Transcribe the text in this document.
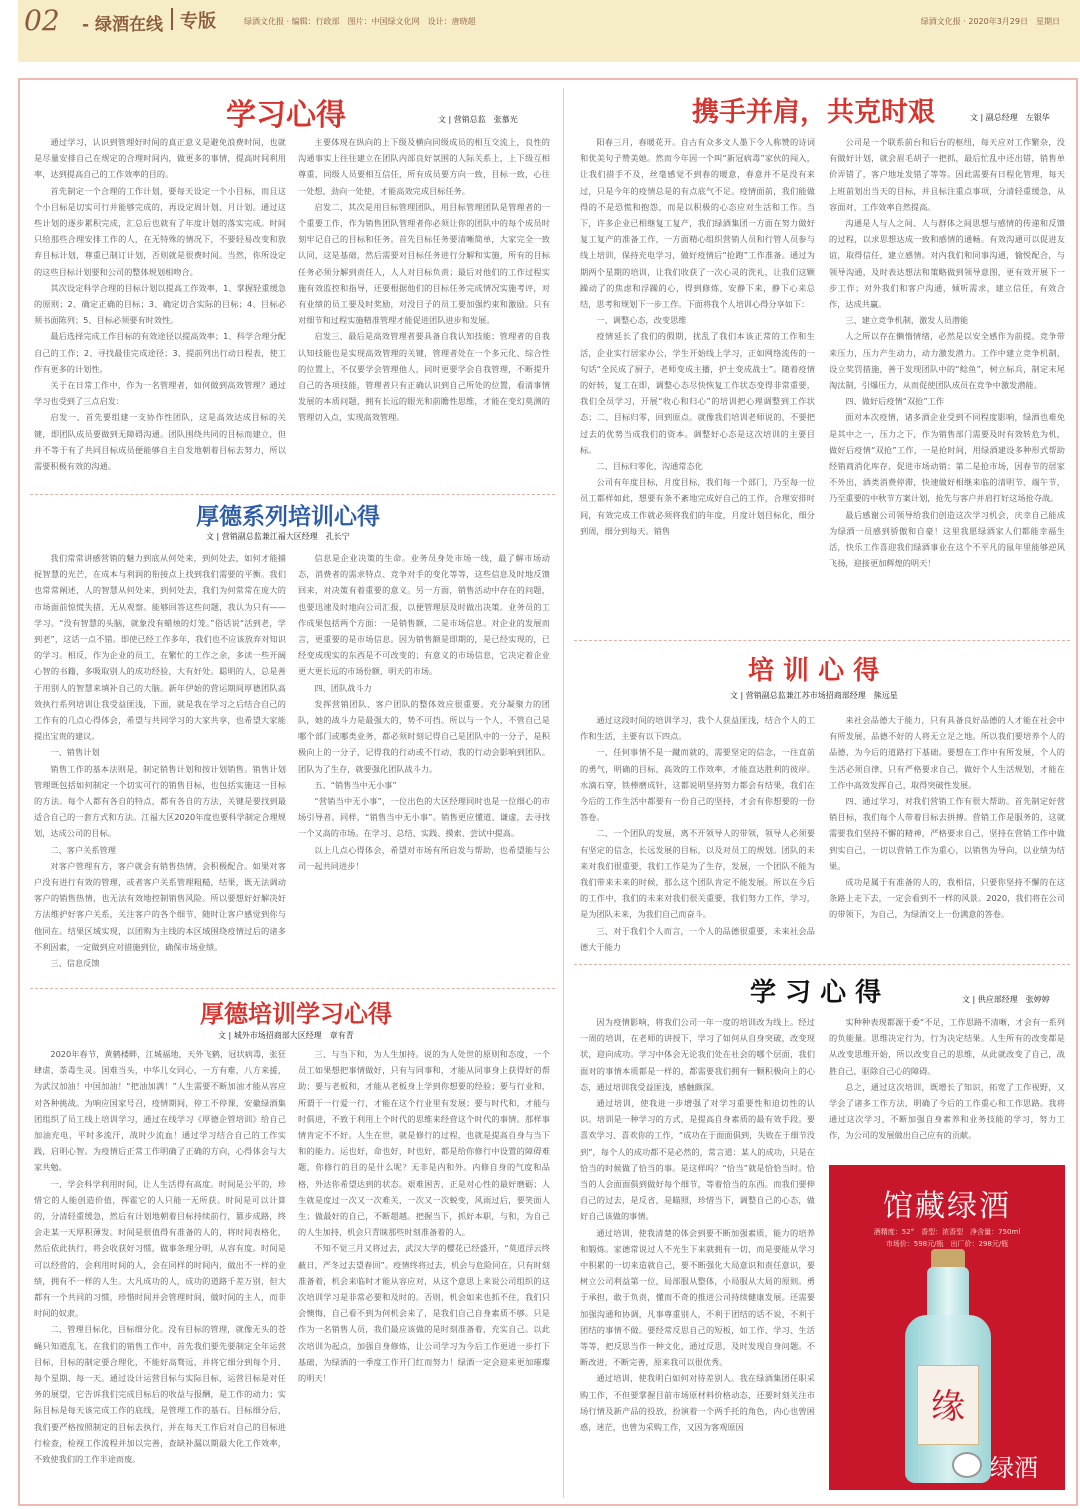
02 - 绿酒在线 专版	绿酒文化报 · 编辑：行政部　图片：中国绿文化网　设计：唐晓超	绿酒文化报 · 2020年3月29日　星期日
学习心得	文 | 营销总监　张慕光

通过学习，认识到管理好时间的真正意义是避免浪费时间，也就是尽量安排自己在规定的合理时间内，做更多的事情，提高时间利用率，达到提高自己的工作效率的目的。

首先制定一个合理的工作计划，要每天设定一个小目标，而且这个小目标是切实可行并能够完成的，再设定周计划、月计划。通过这些计划的逐步累积完成，汇总后也就有了年度计划的落实完成。时间只给那些合理安排工作的人，在无特殊的情况下，不要轻易改变和放弃目标计划，尊重已制订计划，否则就是很费时间。当然，你所设定的这些目标计划要和公司的整体规划相吻合。

其次设定科学合理的目标计划以提高工作效率，1、掌握轻重缓急的原则；2、确定正确的目标；3、确定切合实际的目标；4、目标必须书面陈列；5、目标必须要有时效性。

最后选择完成工作目标的有效途径以提高效率；1、科学合理分配自己的工作；2、寻找最佳完成途径；3、提前列出行动日程表，使工作有更多的计划性。

关于在日常工作中，作为一名管理者，如何做到高效管理？通过学习也受到了三点启发：

启发一、首先要组建一支协作性团队，这是高效达成目标的关键，即团队成员要做到无障碍沟通。团队围绕共同的目标而建立，但并不等于有了共同目标成员便能够自主自发地朝着目标去努力，所以需要积极有效的沟通。

主要体现在纵向的上下级及横向同级成员的相互交流上，良性的沟通事实上往往建立在团队内部良好氛围的人际关系上，上下级互相尊重，同级人员要相互信任，所有成员要方向一致，目标一致，心往一处想，劲向一处使，才能高效完成目标任务。

启发二、其次是用目标管理团队，用目标管理团队是管理者的一个重要工作，作为销售团队管理者你必须让你的团队中的每个成员时刻牢记自己的目标和任务。首先目标任务要清晰简单，大家完全一致认同，这是基础，然后需要对目标任务进行分解和实施，所有的目标任务必须分解到责任人，人人对目标负责；最后对他们的工作过程实施有效监控和指导，还要根据他们的目标任务完成情况实施考评，对有业绩的员工要及时奖励，对没目子的员工要加强约束和激励。只有对细节和过程实施精准管理才能促进团队进步和发展。

启发三、最后是高效管理者要具备自我认知技能；管理者的自我认知技能也是实现高效管理的关键，管理者处在一个多元化、综合性的位置上，不仅要学会管理他人，同时更要学会自我管理，不断提升自己的各项技能，管理者只有正确认识到自己所处的位置，看清事情发展的本质问题，拥有长远的眼光和前瞻性思维，才能在变幻莫测的管理切入点，实现高效管理。

厚德系列培训心得
文 | 营销副总监兼江福大区经理　孔长宁

我们常常讲感营销的魅力到底从何处来，到何处去，如何才能捕捉智慧的光芒，在成本与利润的衔接点上找到我们需要的平衡。我们也常常阐述，人的智慧从何处来，到何处去，我们为何常常在庞大的市场面前惊慌失措，无从观察。能够回答这些问题，我认为只有——学习。“没有智慧的头脑，就象没有蜡烛的灯笼。”俗话说“活到老，学到老”，这话一点不错。即使已经工作多年，我们也不应该放弃对知识的学习。相反，作为企业的员工，在繁忙的工作之余，多读一些开阔心智的书籍，多吸取别人的成功经验，大有好处。聪明的人，总是善于用别人的智慧来填补自己的大脑。新年伊始的营运期间厚德团队高效执行系列培训让我受益匪浅，下面，就是我在学习之后结合自己的工作有的几点心得体会，希望与共同学习的大家共享，也希望大家能提出宝贵的建议。

一、销售计划

销售工作的基本法则是，制定销售计划和按计划销售。销售计划管理既包括如何制定一个切实可行的销售目标，也包括实施这一目标的方法。每个人都有各自的特点，都有各自的方法，关键是要找到最适合自己的一套方式和方法。江福大区2020年度也要科学制定合理规划，达成公司的目标。

二、客户关系管理

对客户管理有方，客户就会有销售热情，会积极配合。如果对客户没有进行有效的管理，或者客户关系管理粗糙，结果，既无法调动客户的销售热情，也无法有效地控制销售风险。所以要想好好解决好方法维护好客户关系，关注客户的各个细节，随时让客户感觉到你与他同在。结果区域实现，以团购为主线的本区域围绕疫情过后的诸多不利因素，一定做到应对措施到位，确保市场业绩。

三、信息反馈

信息是企业决策的生命。业务员身处市场一线，最了解市场动态，消费者的需求特点、竞争对手的变化等等，这些信息及时地反馈回来，对决策有着重要的意义。另一方面，销售活动中存在的问题，也要迅速及时地向公司汇报，以便管理层及时做出决策。业务员的工作成果包括两个方面：一是销售额，二是市场信息。对企业的发展而言，更重要的是市场信息。因为销售额是即期的，是已经实现的，已经变成现实的东西是不可改变的；有意义的市场信息，它决定着企业更大更长远的市场份额、明天的市场。

四、团队战斗力

发挥营销团队、客户团队的整体效应很重要。充分凝聚力的团队，她的战斗力是最强大的，势不可挡。所以与一个人，不管自己是哪个部门或哪类业务，都必须时刻记得自己是团队中的一分子，是积极向上的一分子，记得我的行动或不行动，我的行动会影响到团队。团队为了生存，就要强化团队战斗力。

五、“销售当中无小事”

“营销当中无小事”，一位出色的大区经理同时也是一位细心的市场引导者。同样，“销售当中无小事”。销售更应懂道、谦虚，去寻找一个又高的市场。在学习、总结、实践、摸索、尝试中提高。

以上几点心得体会，希望对市场有所启发与帮助，也希望能与公司一起共同进步！

厚德培训学习心得
文 | 城外市场招商部大区经理　章有青

2020年春节，黄鹤楼畔，江城福地，天外飞鹤，冠状病毒，张狂肆虐，荼毒生灵。国难当头，中华儿女同心，一方有难，八方来援，为武汉加油！中国加油！“把油加满！”人生需要不断加油才能从容应对各种挑战。为响应国家号召，疫情期间，停工不停课，安徽绿酒集团组织了员工线上培训学习，通过在线学习《厚德企管培训》给自己加油充电，平时多流汗，战时少流血！通过学习结合自己的工作实践，启明心智。为疫情后正常工作明确了正确的方向，心得体会与大家共勉。

一、学会科学利用时间，让人生活得有高度。时间是公平的，珍惜它的人能创造价值，挥霍它的人只能一无所获。时间是可以计算的，分清轻重缓急，然后有计划地朝着目标持续前行，篡步成路，终会走某一天厚积薄发。时间是很值得有准备的人的，将时间表格化，然后依此执行，将会收获好习惯，做事条理分明，从容有度。时间是可以经营的，会利用时间的人，会在同样的时间内，做出不一样的业绩，拥有不一样的人生。大凡成功的人，成功的道路千差万别，但大都有一个共同的习惯，珍惜时间并会管理时间，做时间的主人，而非时间的奴隶。

二、管理目标化，目标细分化。没有目标的管理，就像无头的苍蝇只知道乱飞。在我们的销售工作中，首先我们要先要制定全年运营目标，目标的制定要合理化，不能好高骛远，并将它细分到每个月、每个星期、每一天。通过设计运营目标与实际目标，运营目标是对任务的展望，它告诉我们完成目标后的收益与报酬，是工作的动力；实际目标是每天该完成工作的底线，是管理工作的基石。目标细分后，我们要严格按照制定的目标去执行，并在每天工作后对自己的目标进行检查，检视工作流程并加以完善，查缺补漏以期最大化工作效率，不致使我们的工作半途而废。

三、与当下和，为人生加持。说的为人处世的原则和态度，一个员工如果想把事情做好，只有与同事和，才能从同事身上获得好的帮助；要与老板和，才能从老板身上学到你想要的经验；要与行业和，所谓干一行爱一行，才能在这个行业里有发展；要与时代和，才能与时俱进，不致于利用上个时代的思维来经营这个时代的事情。那样事情肯定不不好。人生在世，就是修行的过程，也就是提高自身与当下和的能力。运也好，命也好，时也好，都是给你修行中设置的障碍难题，你修行的目的是什么呢？无非是内和外。内修自身的气度和品格，外达你希望达到的状态。艰难困苦，正是对心性的最好磨砺；人生就是度过一次又一次难关，一次又一次蜕变，风雨过后，要笑面人生；做最好的自己，不断超越。把握当下，抓好本职，与和，为自己的人生加持，机会只青睐那些时刻准备着的人。

不知不觉三月又将过去，武汉大学的樱花已经盛开，“莫道浮云终蔽日，严冬过去望春回”。疫情终将过去，机会与危险同在，只有时刻准备着，机会来临时才能从容应对，从这个意思上来说公司组织的这次培训学习是非常必要和及时的。否则，机会如来也抓不住，我们只会懊悔，自己看不到为何机会来了，是我们自己自身素质不够。只是作为一名销售人员，我们最应该做的是时刻准备着，充实自己。以此次培训为起点，加强自身修炼，让公司学习为今后工作更进一步打下基础，为绿酒的一季度工作开门红而努力！绿酒一定会迎来更加璀璨的明天！

携手并肩，共克时艰	文 | 副总经理　左银华

阳春三月，春暖花开。自古有众多文人墨下令人称赞的诗词和优美句子赞美她。然而今年因一个叫“新冠病毒”家伙的闯入，让我们措手不及，丝毫感觉不到春的暖意，春意并不是没有来过，只是今年的疫情总是的有点底气不足。疫情面前，我们能做得的不是恐慌和抱怨，而是以积极的心态应对生活和工作。当下，许多企业已相继复工复产，我们绿酒集团一方面在努力做好复工复产的准备工作，一方面精心组织营销人员和行管人员参与线上培训，保持充电学习，做好疫情后“抢跑”工作准备。通过为期两个星期的培训，让我们收获了一次心灵的洗礼，让我们这颗躁动了的焦虑和浮躁的心，得到修炼，安静下来，静下心来总结，思考和规划下一步工作。下面将我个人培训心得分享如下：

一、调整心态，改变思维

疫情延长了我们的假期，扰乱了我们本该正常的工作和生活，企业实行居家办公，学生开始线上学习，正如网络流传的一句话“全民成了厨子，老师变成主播，护士变成战士”。随着疫情的好转，复工在即，调整心态尽快恢复工作状态变得非常重要，我们全员学习，开展“收心和归心”的培训把心理调整到工作状态；二、目标归零，回到原点。就像我们培训老师说的，不要把过去的优势当成我们的资本。调整好心态是这次培训的主要目标。

二、目标归零化，沟通常态化

公司有年度目标，月度目标，我们每一个部门，乃至每一位员工都样如此，想要有条不紊地完成好自己的工作，合理安排时间，有效完成工作就必须将我们的年度，月度计划目标化，细分到周，细分到每天。销售

公司是一个联系前台和后台的枢纽，每天应对工作繁杂，没有做好计划，就会眉毛胡子一把抓，最后忙乱中还出错，销售单价弄错了，客户地址发错了等等。因此需要有日程化管理，每天上班前划出当天的目标，并且标注重点事项，分清轻重缓急，从容面对，工作效率自然提高。

沟通是人与人之间、人与群体之间思想与感情的传递和反馈的过程，以求思想达成一致和感情的通畅。有效沟通可以促进友谊，取得信任，建立感情。对内我们和同事沟通，愉悦配合，与领导沟通，及时表达想法和策略做到领导意图，更有效开展下一步工作；对外我们和客户沟通，倾听需求，建立信任，有效合作，达成共赢。

三、建立竞争机制，激发人员潜能

人之所以存在懒惰情绪，必然是以安全感作为前提。竞争带来压力，压力产生动力，动力激发潜力。工作中建立竞争机制，设立奖罚措施，善于发现团队中的“鲶鱼”，树立标兵，制定末尾淘汰制，引爆压力，从而促使团队成员在竞争中激发潜能。

四、做好后疫情“双抢”工作

面对本次疫情，诸多酒企业受到不同程度影响，绿酒也难免是其中之一，压力之下，作为销售部门需要及时有效转危为机，做好后疫情“双抢”工作，一是抢时间，用绿酒建设多种形式帮助经销商消化库存，促进市场动销；第二是抢市场，因春节的居家不外出，酒类消费停滞，快速做好相继来临的清明节、端午节，乃至重要的中秋节方案计划，抢先与客户并肩打好这场抢夺战。

最后感谢公司领导给我们创造这次学习机会，庆幸自己能成为绿酒一员感到骄傲和自豪！这里我愿绿酒家人们都能幸福生活，快乐工作喜迎我们绿酒事业在这个不平凡的鼠年里能够逆风飞扬，迎接更加辉煌的明天！

培 训 心 得
文 | 营销副总监兼江苏市场招商部经理　熊远星

通过这段时间的培训学习，我个人获益匪浅，结合个人的工作和生活，主要有以下四点。

一、任何事情不是一蹴而就的，需要坚定的信念，一往直前的勇气，明确的目标，高效的工作效率，才能直达胜利的彼岸。水滴石穿，铁棒磨成针，这都说明坚持努力都会有结果，我们在今后的工作生活中都要有一份自己的坚持，才会有你想要的一份答卷。

二、一个团队的发展，离不开领导人的带领，领导人必须要有坚定的信念，长远发展的目标，以及对员工的规划。团队的未来对我们很重要，我们工作是为了生存，发展，一个团队不能为我们带来未来的时候，那么这个团队肯定不能发展。所以在今后的工作中，我们的未来对我们很关重要，我们努力工作，学习，是为团队未来，为我们自己而奋斗。

三、对于我们个人而言，一个人的品德很重要，未来社会品德大于能力

来社会品德大于能力，只有具备良好品德的人才能在社会中有所发展，品德不好的人将无立足之地。所以我们要培养个人的品德，为今后的道路打下基础。要想在工作中有所发展，个人的生活必须自律，只有严格要求自己，做好个人生活规划，才能在工作中高效发挥自己，取得突破性发展。

四、通过学习，对我们营销工作有很大帮助。首先制定好营销目标，我们每个人带着目标去拼搏。营销工作是服务的，这就需要我们坚持不懈的精神，严格要求自己，坚持在营销工作中做到实自己，一切以营销工作为重心，以销售为导向，以业绩为结果。

成功是属于有准备的人的，我相信，只要你坚持不懈的在这条路上走下去，一定会看到不一样的风景。2020，我们将在公司的带领下，为自己，为绿酒交上一份满意的答卷。

学 习 心 得	文 | 供应部经理　张婷婷

因为疫情影响，将我们公司一年一度的培训改为线上。经过一周的培训，在老师的讲授下，学习了如何从自身突破，改变现状，迎向成功。学习中体会无论我们处在社会的哪个层面，我们面对的事情本质都是一样的，都需要我们拥有一颗积极向上的心态，通过培训我受益匪浅，感触颇深。

通过培训，使我进一步增强了对学习重要性和迫切性的认识。培训是一种学习的方式，是提高自身素质的最有效手段。要喜欢学习、喜欢你的工作，“成功在于面面俱到，失败在于细节没到”，每个人的成功都不是必然的，常言道：某人的成功，只是在恰当的时候做了恰当的事。是这样吗？“恰当”就是恰恰当时。恰当的人会面面俱到做好每个细节，等着恰当的东西。而我们要伸自己的过去，是反省，是瞄照，珍惜当下，调整自己的心态，做好自己该做的事情。

通过培训，使我清楚的体会到要不断加强素质，能力的培养和锻炼。家德常说过人不光生下来就拥有一切，而是要能从学习中积累的一切来造就自己，要不断强化大局意识和责任意识，要树立公司利益第一位，局部服从整体，小局服从大局的原则。勇于承担，敢于负责，懂而不奇的推进公司持续健康发展。还需要加强沟通和协调，凡事尊重别人，不利于团结的话不说，不利于团结的事情不做。要经常反思自己的短板，如工作、学习、生活等等，把反思当作一种文化，通过反思，及时发现自身问题。不断改进，不断完善，原来我可以很优秀。

通过培训，使我明白如何对待差别人。我在绿酒集团任职采购工作，不但要掌握目前市场原材料价格动态，还要时刻关注市场行情及新产品的投放，扮演着一个两手托的角色，内心也曾困惑，迷茫，也曾为采购工作，又因为客观原因

实种种表现都源于委“不足，工作思路不清晰，才会有一系列的负能量。思维决定行为，行为决定结果。人生所有的改变都是从改变思维开始，所以改变自己的思维，从此就改变了自己，战胜自己，驱除自己心的障碍。

总之，通过这次培训，既增长了知识，拓宽了工作视野，又学会了诸多工作方法，明确了今后的工作重心和工作思路。我将通过这次学习，不断加强自身素养和业务技能的学习，努力工作，为公司的发展做出自己应有的贡献。

馆藏绿酒
酒精度：52°　香型：浓香型　净含量：750ml
市场价：598元/瓶　出厂价：298元/瓶
缘
绿酒
